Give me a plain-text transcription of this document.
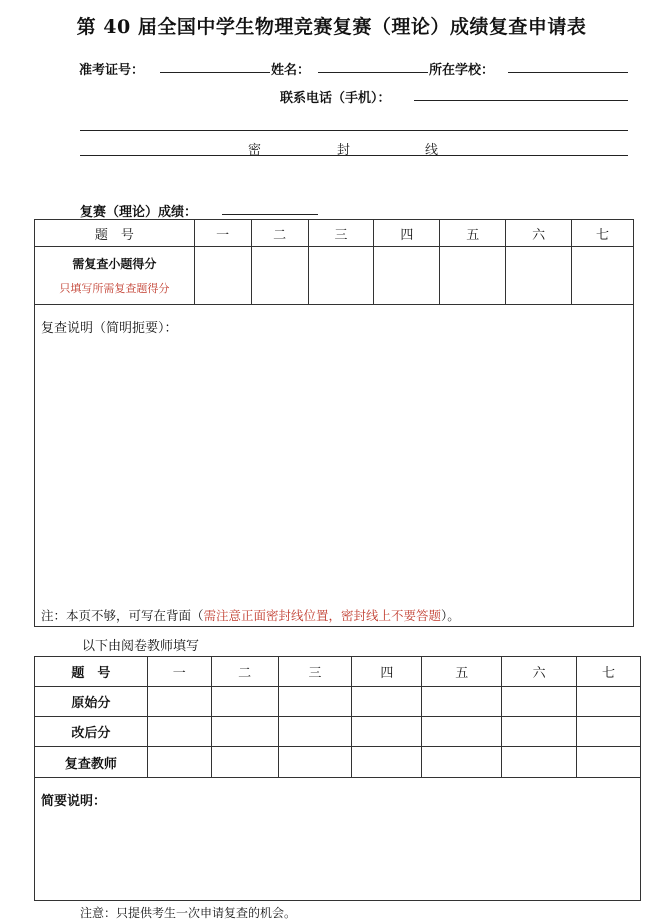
第 40 届全国中学生物理竞赛复赛（理论）成绩复查申请表
准考证号：	姓名：	所在学校：
联系电话（手机）：
密	封	线
复赛（理论）成绩：
题　号	一	二	三	四	五	六	七

需复查小题得分
只填写所需复查题得分							

复查说明（简明扼要）：
注：本页不够，可写在背面（需注意正面密封线位置，密封线上不要答题）。
以下由阅卷教师填写
题　号	一	二	三	四	五	六	七
原始分							
改后分							
复查教师							
简要说明：
注意：只提供考生一次申请复查的机会。
